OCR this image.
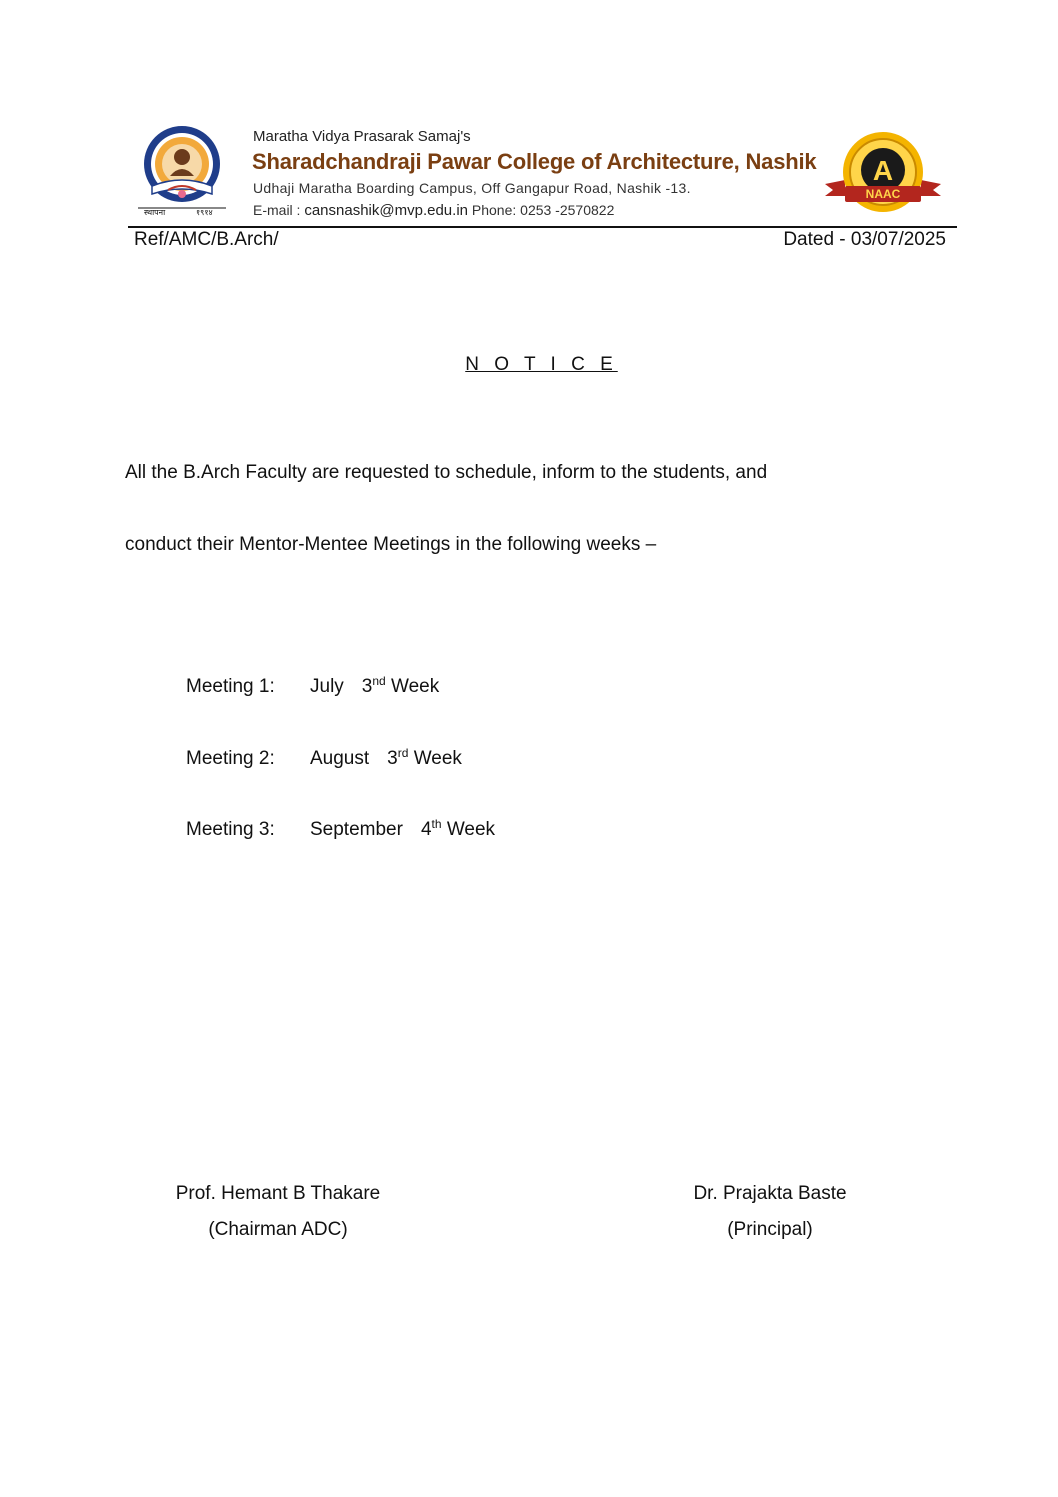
स्थापना	१९१४
A
NAAC
Maratha Vidya Prasarak Samaj's
Sharadchandraji Pawar College of Architecture, Nashik
Udhaji Maratha Boarding Campus, Off Gangapur Road, Nashik -13.
E-mail : cansnashik@mvp.edu.in Phone: 0253 -2570822
Ref/AMC/B.Arch/	Dated - 03/07/2025
N O T I C E
All the B.Arch Faculty are requested to schedule, inform to the students, and
conduct their Mentor-Mentee Meetings in the following weeks –
Meeting 1: July 3nd Week
Meeting 2: August 3rd Week
Meeting 3: September 4th Week
Prof. Hemant B Thakare
(Chairman ADC)
Dr. Prajakta Baste
(Principal)
